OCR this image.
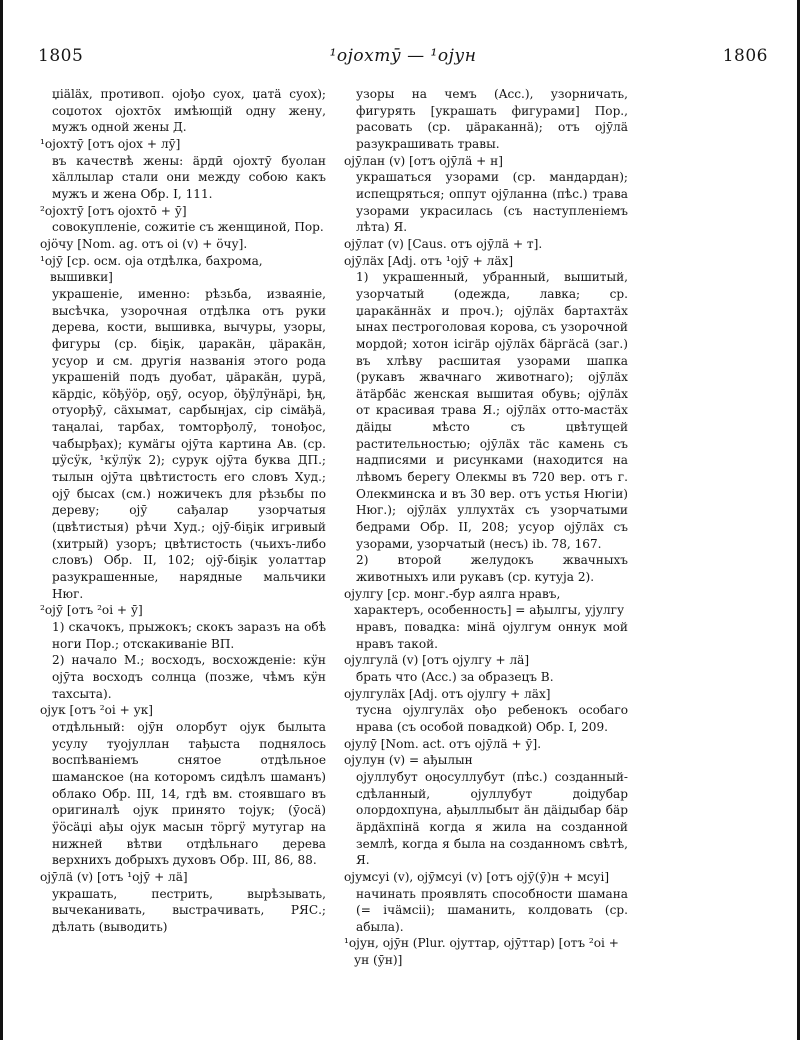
1805	¹ојохтӯ — ¹ојун	1806
џіäläх, противоп. ојођо суох, џатä суох); соџотох ојохтōх имѣющій одну жену, мужъ одной жены Д.
¹ојохтӯ [отъ ојох + лӯ]
въ качествѣ жены: äрдӣ ојохтӯ буолан хäллылар стали они между собою какъ мужъ и жена Обр. I, 111.
²ојохтӯ [отъ ојохтō + ӯ]
совокупленіе, сожитіе съ женщиной, Пор.
ојӧчу [Nom. ag. отъ оі (v) + ӧчу].
¹ојӯ [ср. осм. оја отдѣлка, бахрома, вышивки]
украшеніе, именно: рѣзьба, изваяніе, высѣчка, узорочная отдѣлка отъ руки дерева, кости, вышивка, вычуры, узоры, фигуры (ср. біҕік, џаракäн, џäракäн, усуор и см. другія названія этого рода украшеній подъ дуобат, џäракäн, џурä, кäрдіс, кӧђӱӧр, оҕӯ, осуор, ӧђӱлӱнäрі, ђң, отуорђӯ, сäхымат, сарбынјах, сір сімäђä, таңалаі, тарбах, томторђолӯ, тонођос, чабырђах); кумäгы ојӯта картина Ав. (ср. џӱсӱк, ¹кӱлӱк 2); сурук ојӯта буква ДП.; тылын ојӯта цвѣтистость его словъ Худ.; ојӯ бысах (см.) ножичекъ для рѣзьбы по дереву; ојӯ сађалар узорчатыя (цвѣтистыя) рѣчи Худ.; ојӯ-біҕік игривый (хитрый) узоръ; цвѣтистость (чьихъ-либо словъ) Обр. II, 102; ојӯ-біҕік уолаттар разукрашенные, нарядные мальчики Нюг.
²ојӯ [отъ ²оі + ӯ]
1) скачокъ, прыжокъ; скокъ заразъ на обѣ ноги Пор.; отскакиваніе ВП.
2) начало М.; восходъ, восхожденіе: кӱн ојӯта восходъ солнца (позже, чѣмъ кӱн тахсыта).
ојук [отъ ²оі + ук]
отдѣльный: ојӯн олорбут ојук былыта усулу туојуллан тађыста поднялось воспѣваніемъ снятое отдѣльное шаманское (на которомъ сидѣлъ шаманъ) облако Обр. III, 14, гдѣ вм. стоявшаго въ оригиналѣ ојук принято тојук; (ӯосä) ӱӧсäџі ађы ојук масын тӧргӱ мутугар на нижней вѣтви отдѣльнаго дерева верхнихъ добрыхъ духовъ Обр. III, 86, 88.
ојӯлä (v) [отъ ¹ојӯ + лä]
украшать, пестрить, вырѣзывать, вычеканивать, выстрачивать, РЯС.; дѣлать (выводить)
узоры на чемъ (Acc.), узорничать, фигурять [украшать фигурами] Пор., расовать (ср. џäраканнä); отъ ојӯлä разукрашивать травы.
ојӯлан (v) [отъ ојӯлä + н]
украшаться узорами (ср. мандардан); испещряться; оппут ојӯланна (пѣс.) трава узорами украсилась (съ наступленіемъ лѣта) Я.
ојӯлат (v) [Caus. отъ ојӯлä + т].
ојӯлäх [Adj. отъ ¹ојӯ + лäх]
1) украшенный, убранный, вышитый, узорчатый (одежда, лавка; ср. џаракäннäх и проч.); ојӯлäх бартахтäх ынах пестроголовая корова, съ узорочной мордой; хотон ісігäр ојӯлäх бäргäсä (заг.) въ хлѣву расшитая узорами шапка (рукавъ жвачнаго животнаго); ојӯлäх äтäрбäс женская вышитая обувь; ојӯлäх от красивая трава Я.; ојӯлäх отто-мастäх дäіды мѣсто съ цвѣтущей растительностью; ојӯлäх тäс камень съ надписями и рисунками (находится на лѣвомъ берегу Олекмы въ 720 вер. отъ г. Олекминска и въ 30 вер. отъ устья Нюгіи) Нюг.); ојӯлäх уллухтäх съ узорчатыми бедрами Обр. II, 208; усуор ојӯлäх съ узорами, узорчатый (несъ) ib. 78, 167.
2) второй желудокъ жвачныхъ животныхъ или рукавъ (ср. кутуја 2).
ојулгу [ср. монг.-бур аялга нравъ, характеръ, особенность] = ађылгы, ујулгу
нравъ, повадка: мінä ојулгум оннук мой нравъ такой.
ојулгулä (v) [отъ ојулгу + лä]
брать что (Acc.) за образецъ В.
ојулгулäх [Adj. отъ ојулгу + лäх]
тусна ојулгулäх ођо ребенокъ особаго нрава (съ особой повадкой) Обр. I, 209.
ојулӯ [Nom. act. отъ ојӯлä + ӯ].
ојулун (v) = ађылын
ојуллубут оңосуллубут (пѣс.) созданный-сдѣланный, ојуллубут доідубар олордохпуна, ађыллыбыт äн дäідыбар бäр äрдäхпінä когда я жила на созданной землѣ, когда я была на созданномъ свѣтѣ, Я.
ојумсуі (v), ојӯмсуі (v) [отъ ојӯ(ӯ)н + мсуі]
начинать проявлять способности шамана (= ічäмсіі); шаманить, колдовать (ср. абыла).
¹ојун, ојӯн (Plur. ојуттар, ојӯттар) [отъ ²оі + ун (ӯн)]
